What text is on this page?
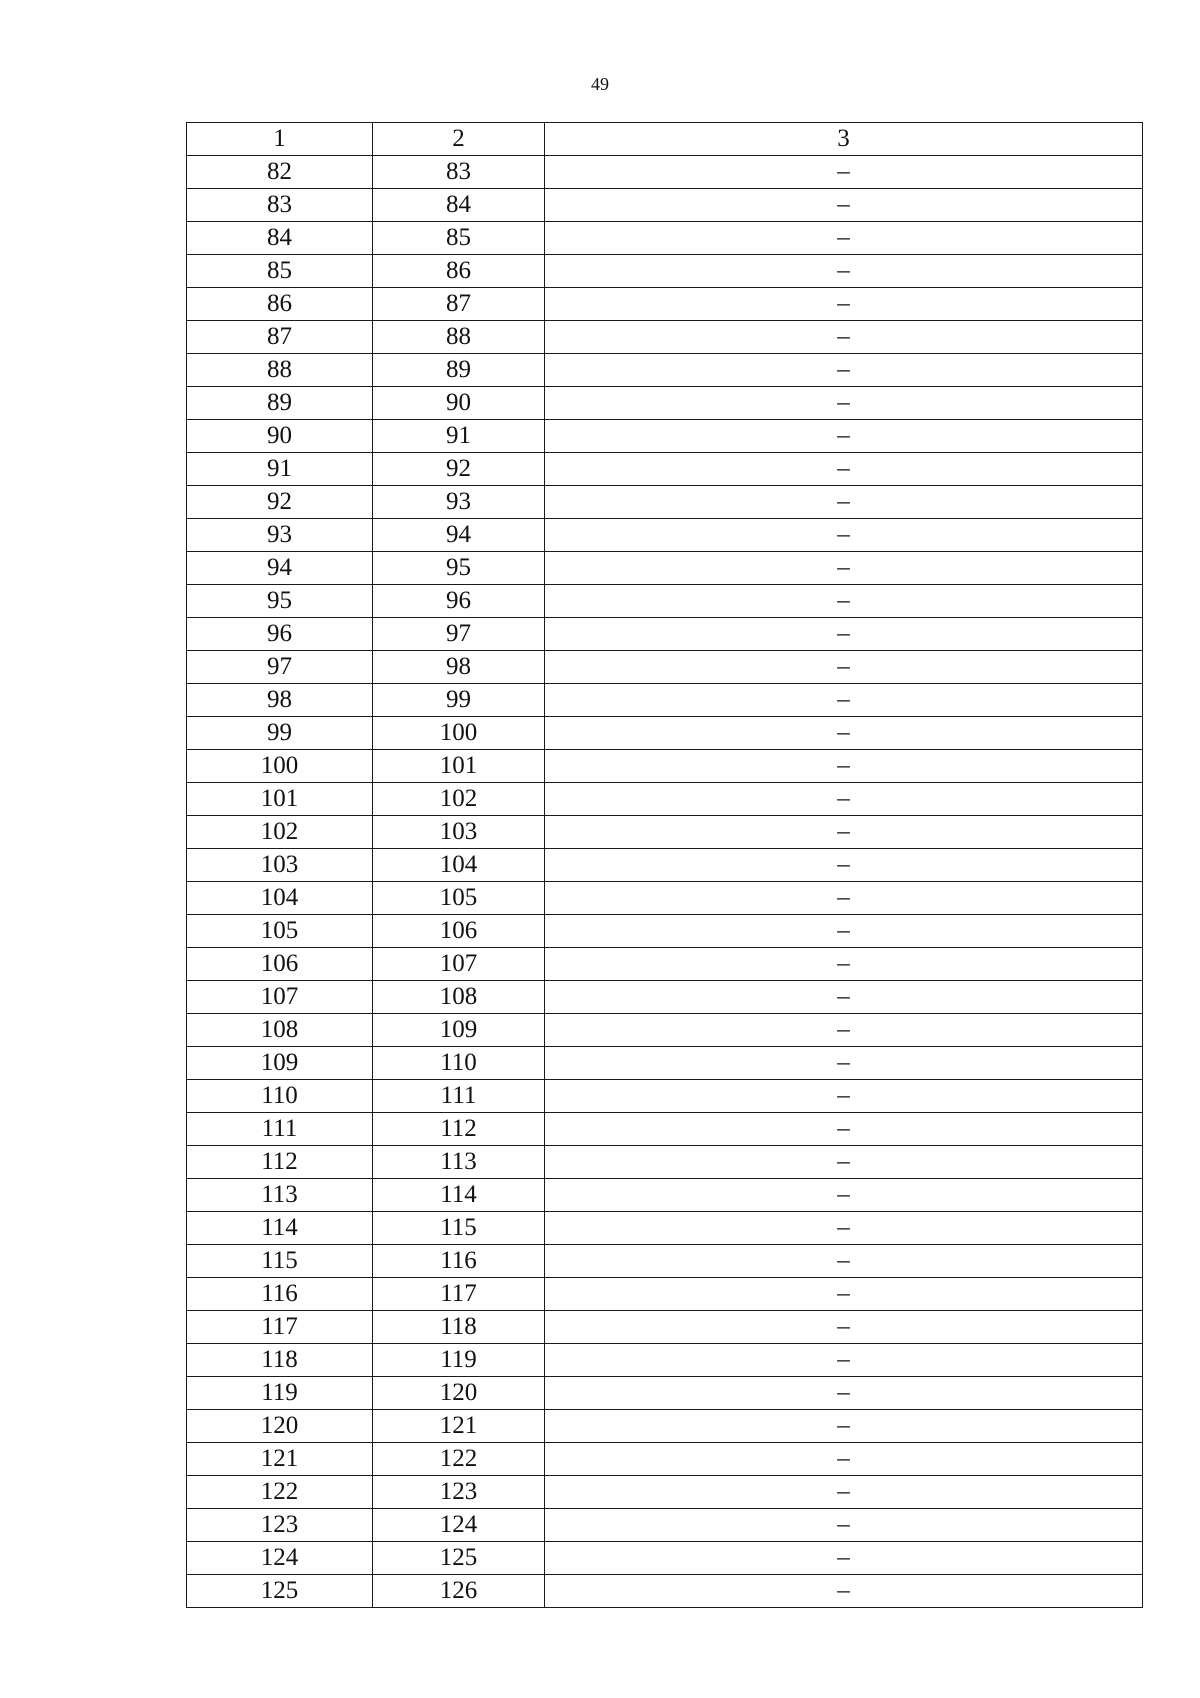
49
1	2	3
82	83	–
83	84	–
84	85	–
85	86	–
86	87	–
87	88	–
88	89	–
89	90	–
90	91	–
91	92	–
92	93	–
93	94	–
94	95	–
95	96	–
96	97	–
97	98	–
98	99	–
99	100	–
100	101	–
101	102	–
102	103	–
103	104	–
104	105	–
105	106	–
106	107	–
107	108	–
108	109	–
109	110	–
110	111	–
111	112	–
112	113	–
113	114	–
114	115	–
115	116	–
116	117	–
117	118	–
118	119	–
119	120	–
120	121	–
121	122	–
122	123	–
123	124	–
124	125	–
125	126	–
